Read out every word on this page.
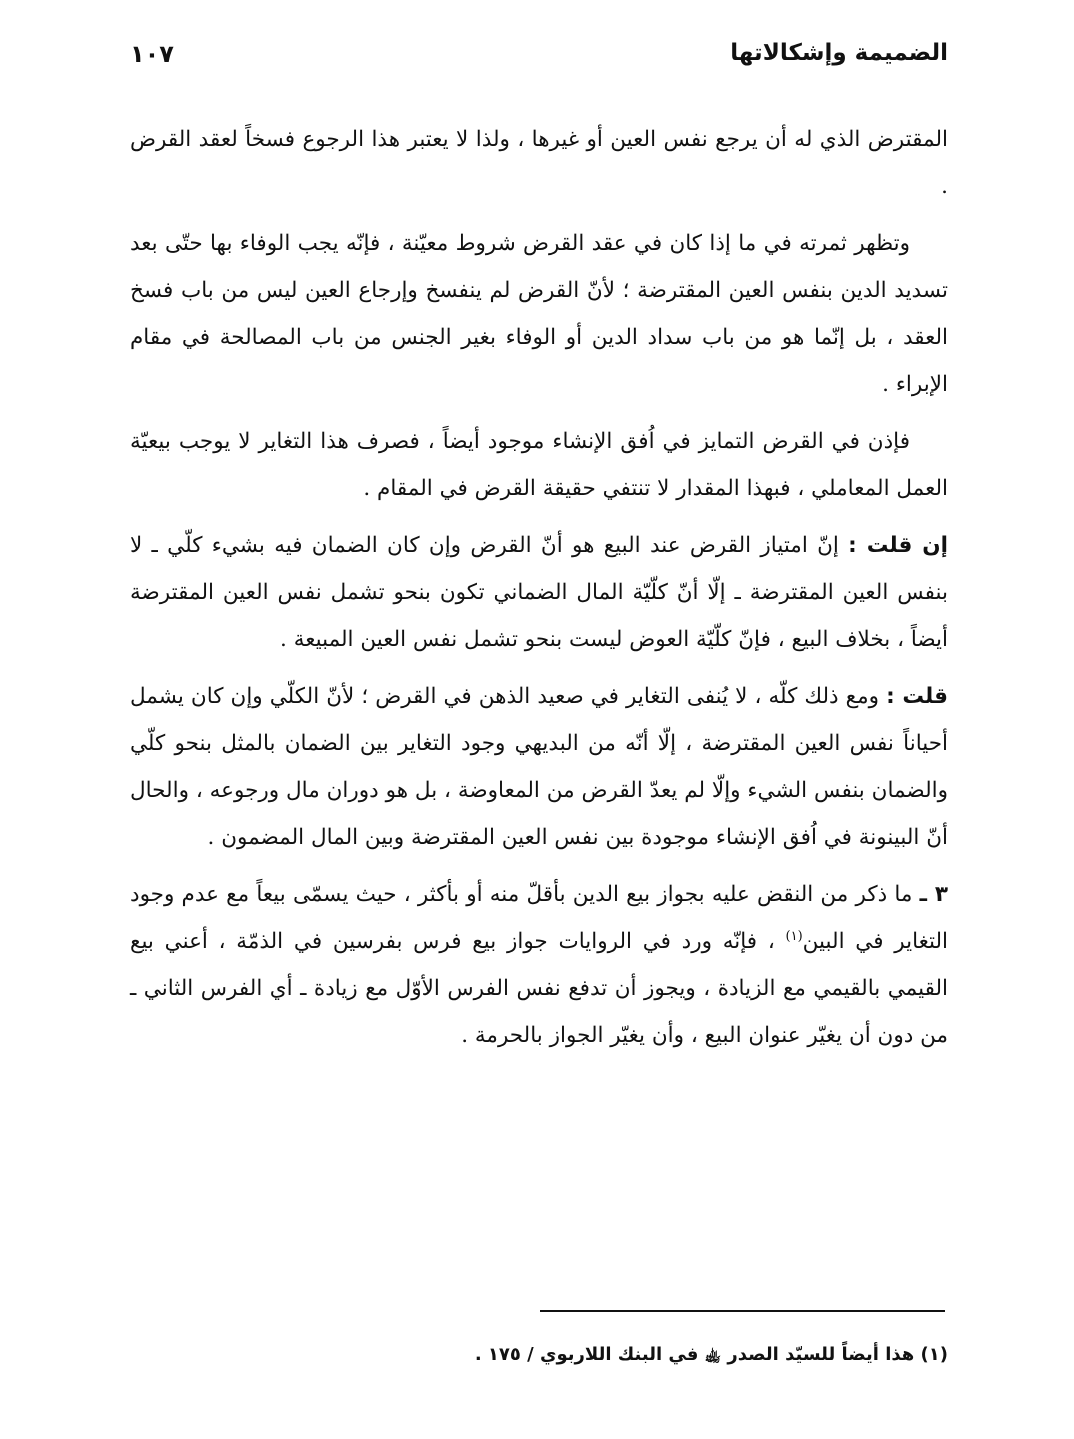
الضميمة وإشكالاتها
١٠٧

المقترض الذي له أن يرجع نفس العين أو غيرها ، ولذا لا يعتبر هذا الرجوع فسخاً لعقد القرض .

وتظهر ثمرته في ما إذا كان في عقد القرض شروط معيّنة ، فإنّه يجب الوفاء بها حتّى بعد تسديد الدين بنفس العين المقترضة ؛ لأنّ القرض لم ينفسخ وإرجاع العين ليس من باب فسخ العقد ، بل إنّما هو من باب سداد الدين أو الوفاء بغير الجنس من باب المصالحة في مقام الإبراء .

فإذن في القرض التمايز في اُفق الإنشاء موجود أيضاً ، فصرف هذا التغاير لا يوجب بيعيّة العمل المعاملي ، فبهذا المقدار لا تنتفي حقيقة القرض في المقام .

إن قلت : إنّ امتياز القرض عند البيع هو أنّ القرض وإن كان الضمان فيه بشيء كلّي ـ لا بنفس العين المقترضة ـ إلّا أنّ كلّيّة المال الضماني تكون بنحو تشمل نفس العين المقترضة أيضاً ، بخلاف البيع ، فإنّ كلّيّة العوض ليست بنحو تشمل نفس العين المبيعة .

قلت : ومع ذلك كلّه ، لا يُنفى التغاير في صعيد الذهن في القرض ؛ لأنّ الكلّي وإن كان يشمل أحياناً نفس العين المقترضة ، إلّا أنّه من البديهي وجود التغاير بين الضمان بالمثل بنحو كلّي والضمان بنفس الشيء وإلّا لم يعدّ القرض من المعاوضة ، بل هو دوران مال ورجوعه ، والحال أنّ البينونة في اُفق الإنشاء موجودة بين نفس العين المقترضة وبين المال المضمون .

٣ ـ ما ذكر من النقض عليه بجواز بيع الدين بأقلّ منه أو بأكثر ، حيث يسمّى بيعاً مع عدم وجود التغاير في البين$^{(١)}$ ، فإنّه ورد في الروايات جواز بيع فرس بفرسين في الذمّة ، أعني بيع القيمي بالقيمي مع الزيادة ، ويجوز أن تدفع نفس الفرس الأوّل مع زيادة ـ أي الفرس الثاني ـ من دون أن يغيّر عنوان البيع ، وأن يغيّر الجواز بالحرمة .

(١) هذا أيضاً للسيّد الصدر ﵀ في البنك اللاربوي / ١٧٥ .
